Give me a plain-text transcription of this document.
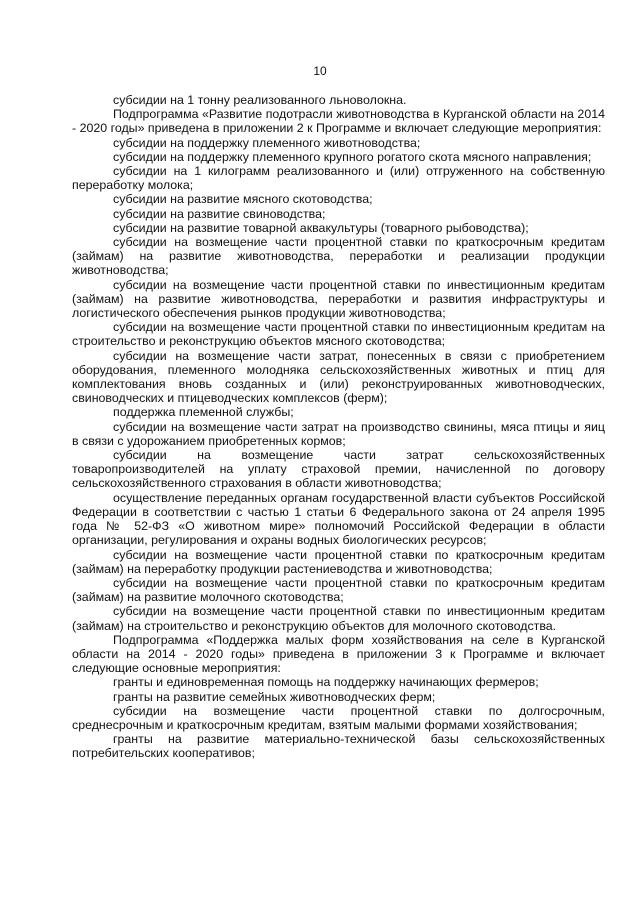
10

субсидии на 1 тонну реализованного льноволокна.

Подпрограмма «Развитие подотрасли животноводства в Курганской области на 2014 - 2020 годы» приведена в приложении 2 к Программе и включает следующие мероприятия:

субсидии на поддержку племенного животноводства;

субсидии на поддержку племенного крупного рогатого скота мясного направления;

субсидии на 1 килограмм реализованного и (или) отгруженного на собственную переработку молока;

субсидии на развитие мясного скотоводства;

субсидии на развитие свиноводства;

субсидии на развитие товарной аквакультуры (товарного рыбоводства);

субсидии на возмещение части процентной ставки по краткосрочным кредитам (займам) на развитие животноводства, переработки и реализации продукции животноводства;

субсидии на возмещение части процентной ставки по инвестиционным кредитам (займам) на развитие животноводства, переработки и развития инфраструктуры и логистического обеспечения рынков продукции животноводства;

субсидии на возмещение части процентной ставки по инвестиционным кредитам на строительство и реконструкцию объектов мясного скотоводства;

субсидии на возмещение части затрат, понесенных в связи с приобретением оборудования, племенного молодняка сельскохозяйственных животных и птиц для комплектования вновь созданных и (или) реконструированных животноводческих, свиноводческих и птицеводческих комплексов (ферм);

поддержка племенной службы;

субсидии на возмещение части затрат на производство свинины, мяса птицы и яиц в связи с удорожанием приобретенных кормов;

субсидии на возмещение части затрат сельскохозяйственных товаропроизводителей на уплату страховой премии, начисленной по договору сельскохозяйственного страхования в области животноводства;

осуществление переданных органам государственной власти субъектов Российской Федерации в соответствии с частью 1 статьи 6 Федерального закона от 24 апреля 1995 года № 52-ФЗ «О животном мире» полномочий Российской Федерации в области организации, регулирования и охраны водных биологических ресурсов;

субсидии на возмещение части процентной ставки по краткосрочным кредитам (займам) на переработку продукции растениеводства и животноводства;

субсидии на возмещение части процентной ставки по краткосрочным кредитам (займам) на развитие молочного скотоводства;

субсидии на возмещение части процентной ставки по инвестиционным кредитам (займам) на строительство и реконструкцию объектов для молочного скотоводства.

Подпрограмма «Поддержка малых форм хозяйствования на селе в Курганской области на 2014 - 2020 годы» приведена в приложении 3 к Программе и включает следующие основные мероприятия:

гранты и единовременная помощь на поддержку начинающих фермеров;

гранты на развитие семейных животноводческих ферм;

субсидии на возмещение части процентной ставки по долгосрочным, среднесрочным и краткосрочным кредитам, взятым малыми формами хозяйствования;

гранты на развитие материально-технической базы сельскохозяйственных потребительских кооперативов;
